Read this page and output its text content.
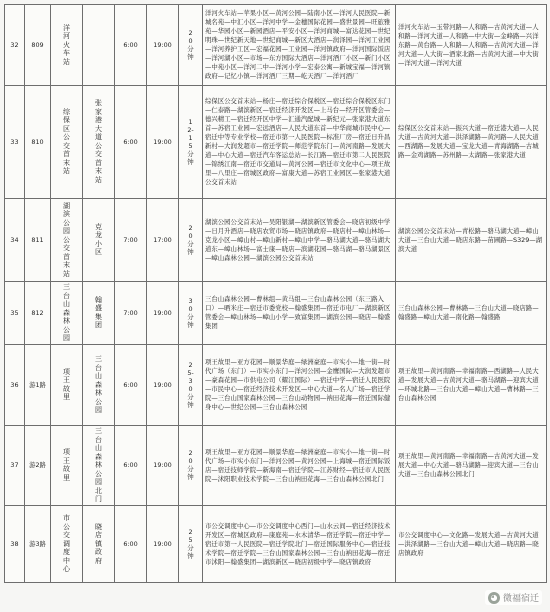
32	809	洋河火车站		6:00	19:00	20分钟	洋河火车站—苹果小区—黄河公园—陆南小区—洋河人民医院—新城名苑—中汇小区—洋河中学—金穗国际花园—盛世景园—旺旅雅苑—华园小区—新园酒店—平安小区—洋河商城—富达花园—世纪明珠—世纪新天地—世纪商城—新区大酒店—润泽园—洋河工业园—洋河养护工区—宏福花园—工业园—洋河镇政府—洋河国际饭店—洋河湖小区—市场—东方国际大酒店—洋河酒厂小区—新门小区—中苑小区—洋河二中—洋河小学—宏泰公寓—新城宝福—洋河镇政府—记忆小镇—洋河酒厂三期—屹天酒厂—洋河酒厂	洋河火车站—玉带河路—人和路—古黄河大道—人和路—洋河大道—人和路—中大街—金峰路—兴洋东路—黄台路—人和路—人和路—古黄河大道—洋河大道—人大街—酒家北路—古黄河大道—中大街—洋河大道—洋河大道
33	810	综保区公交首末站	张家港大道公交首末站	6:00	19:00	12-15分钟	综保区公交首末站—杨庄—宿迁综合保税区—宿迁综合保税区东门—仁泰路—湖滨新区—宿迁经济开发区—上马台—经开区管委会—德兴精工—宿迁经开区中学—汇通汽配城—新纪元—张家港大道东首—苏宿工业园—宏远酒店—人民大道东首—中华商城市民中心—宿迁中等专业学校—宿迁市第一人民医院—标准厂房—宿迁日升昌新村—大润发超市—宿迁学院—师范学院东门—黄河南路—发展大道—中心大道—宿迁汽车客运总站—长江路—宿迁市第二人民医院—锦绣江南—宿迁市交通局—黄河公园—宿迁市文化中心—项王故里—八里庄—宿城区政府—富康大道—苏宿工业园区—张家港大道公交首末站	综保区公交首末站—振兴大道—宿迁港大道—人民大道—古黄河大道—洪泽湖路—黄河路—人民大道—西湖路—发展大道—宝龙大道—青海湖路—古城路—金鸡湖路—苏州路—太湖路—张家港大道
34	811	湖滨公园公交首末站	克龙小区	7:00	17:00	20分钟	湖滨公园公交首末站—吴阳银湖—湖滨新区管委会—晓店初级中学—日月升酒店—晓店农贸市场—晓店镇政府—晓店村—嶂山林场—克龙小区—嶂山村—嶂山新村—嶂山中学—骆马湖大道—骆马湖大道东—嶂山林场—富士康—晓店—滨湖花园—骆马湖—骆马湖景区—嶂山森林公园—湖滨公园公交首末站	湖滨公园公交首末站—青松路—骆马湖大道—嶂山大道—三台山大道—晓店东路—苗圃路—S329—湖滨大道
35	812	三台山森林公园	翰盛集团	7:00	19:00	30分钟	三台山森林公园—曹林组—黄马组—三台山森林公园（东三路入口）—晒米庄—宿迁市委党校—翰盛集团—宿迁市电厂—湖滨新区管委会—嶂山林场—嶂山小学—致富集团—湖滨公园—晓店—翰盛集团	三台山森林公园—曹林路—三台山大道—晓店路—翰盛路—嶂山大道—南化路—翰盛路
36	游1路	项王故里	三台山森林公园	6:00	19:00	25-30分钟	项王故里—亚方花园—顺景华庭—绿洲豪庭—市实小—地一街—时代广场（东门）—市实小东门—洋河公园—金鹰国际—大润发超市—豪森花园—市供电公司（耀江国际）—宿迁中学—宿迁人民医院—市民中心—宿迁经济技术开发区—中心大道—名人广场—宿迁学院—三台山国家森林公园—三台山动物园—衲田花海—宿迁国际健身中心—世纪公园—三台山森林公园	项王故里—黄河南路—幸福南路—西湖路—人民大道—发展大道—古黄河大道—骆马湖路—迎宾大道—环城北路—三台山大道—嶂山大道—曹林路—三台山森林公园
37	游2路	项王故里	三台山森林公园北门	6:00	19:00	20分钟	项王故里—亚方花园—顺景华庭—绿洲豪庭—市实小—地一街—时代广场—市实小东门—洋河公园—黄河公园—上海城—宿迁国际饭店—宿迁技师学院—新海南—宿迁学院—江苏财经—宿迁市人民医院—沭阳职业技术学院—三台山衲田花海—三台山森林公园北门	项王故里—黄河南路—幸福南路—古黄河大道—发展大道—中心大道—骆马湖路—迎宾大道—三台山大道—三台山森林公园北门
38	游3路	市公交调度中心	晓店镇政府	6:00	19:00	25分钟	市公交调度中心—市公交调度中心西门—山水云间—宿迁经济技术开发区—宿城区政府—康庭苑—水木清华—宿迁学院—宿迁中学—宿迁市第一人民医院—宿迁学院北门—宿迁国际服务中心—宿迁技术学院—宿迁学院—三台山国家森林公园—三台山衲田花海—宿迁市沭阳—翰盛集团—湖滨新区—晓店初级中学—晓店镇政府	市公交调度中心—文化路—发展大道—古黄河大道—洪泽湖路—三台山大道—嶂山大道—晓店路—晓店镇政府
◕ 微福宿迁
